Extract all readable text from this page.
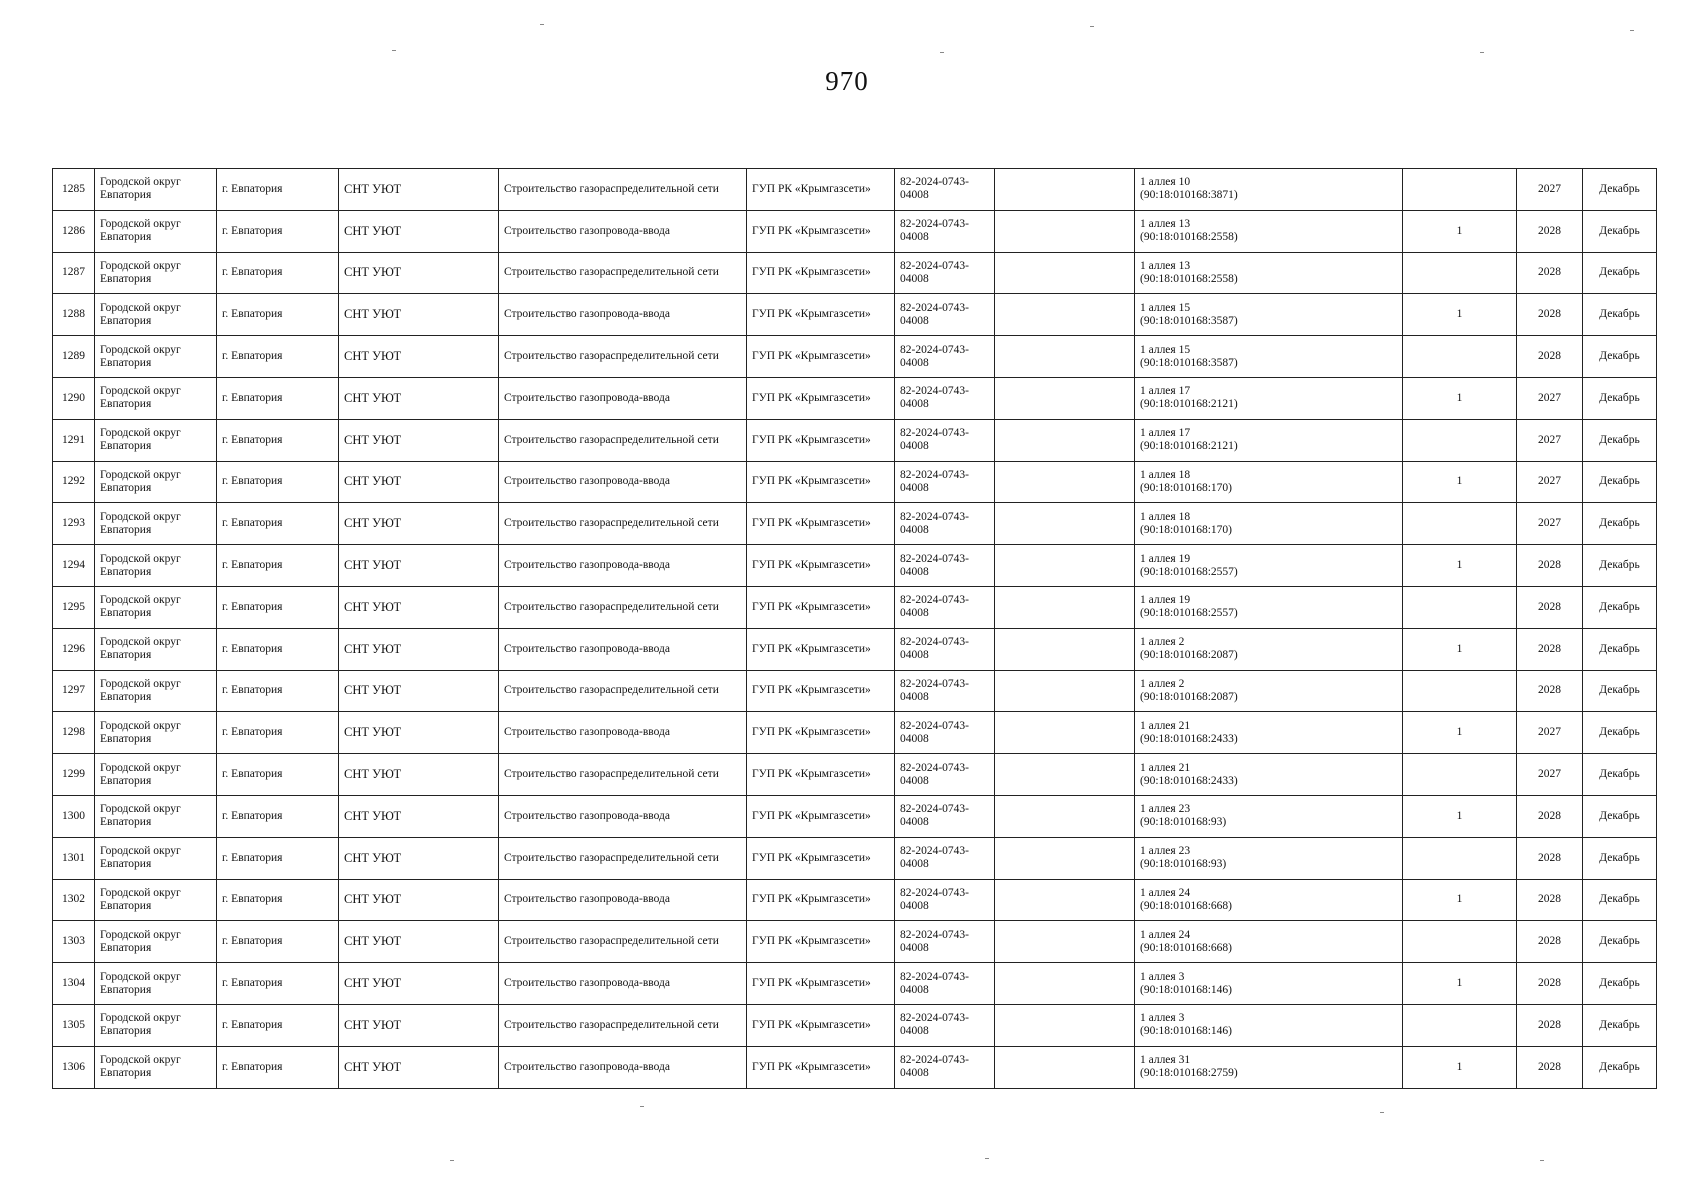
970
1285	Городской округ Евпатория	г. Евпатория	СНТ УЮТ	Строительство газораспределительной сети	ГУП РК «Крымгазсети»	82-2024-0743-04008		1 аллея 10
(90:18:010168:3871)		2027	Декабрь
1286	Городской округ Евпатория	г. Евпатория	СНТ УЮТ	Строительство газопровода-ввода	ГУП РК «Крымгазсети»	82-2024-0743-04008		1 аллея 13
(90:18:010168:2558)	1	2028	Декабрь
1287	Городской округ Евпатория	г. Евпатория	СНТ УЮТ	Строительство газораспределительной сети	ГУП РК «Крымгазсети»	82-2024-0743-04008		1 аллея 13
(90:18:010168:2558)		2028	Декабрь
1288	Городской округ Евпатория	г. Евпатория	СНТ УЮТ	Строительство газопровода-ввода	ГУП РК «Крымгазсети»	82-2024-0743-04008		1 аллея 15
(90:18:010168:3587)	1	2028	Декабрь
1289	Городской округ Евпатория	г. Евпатория	СНТ УЮТ	Строительство газораспределительной сети	ГУП РК «Крымгазсети»	82-2024-0743-04008		1 аллея 15
(90:18:010168:3587)		2028	Декабрь
1290	Городской округ Евпатория	г. Евпатория	СНТ УЮТ	Строительство газопровода-ввода	ГУП РК «Крымгазсети»	82-2024-0743-04008		1 аллея 17
(90:18:010168:2121)	1	2027	Декабрь
1291	Городской округ Евпатория	г. Евпатория	СНТ УЮТ	Строительство газораспределительной сети	ГУП РК «Крымгазсети»	82-2024-0743-04008		1 аллея 17
(90:18:010168:2121)		2027	Декабрь
1292	Городской округ Евпатория	г. Евпатория	СНТ УЮТ	Строительство газопровода-ввода	ГУП РК «Крымгазсети»	82-2024-0743-04008		1 аллея 18
(90:18:010168:170)	1	2027	Декабрь
1293	Городской округ Евпатория	г. Евпатория	СНТ УЮТ	Строительство газораспределительной сети	ГУП РК «Крымгазсети»	82-2024-0743-04008		1 аллея 18
(90:18:010168:170)		2027	Декабрь
1294	Городской округ Евпатория	г. Евпатория	СНТ УЮТ	Строительство газопровода-ввода	ГУП РК «Крымгазсети»	82-2024-0743-04008		1 аллея 19
(90:18:010168:2557)	1	2028	Декабрь
1295	Городской округ Евпатория	г. Евпатория	СНТ УЮТ	Строительство газораспределительной сети	ГУП РК «Крымгазсети»	82-2024-0743-04008		1 аллея 19
(90:18:010168:2557)		2028	Декабрь
1296	Городской округ Евпатория	г. Евпатория	СНТ УЮТ	Строительство газопровода-ввода	ГУП РК «Крымгазсети»	82-2024-0743-04008		1 аллея 2
(90:18:010168:2087)	1	2028	Декабрь
1297	Городской округ Евпатория	г. Евпатория	СНТ УЮТ	Строительство газораспределительной сети	ГУП РК «Крымгазсети»	82-2024-0743-04008		1 аллея 2
(90:18:010168:2087)		2028	Декабрь
1298	Городской округ Евпатория	г. Евпатория	СНТ УЮТ	Строительство газопровода-ввода	ГУП РК «Крымгазсети»	82-2024-0743-04008		1 аллея 21
(90:18:010168:2433)	1	2027	Декабрь
1299	Городской округ Евпатория	г. Евпатория	СНТ УЮТ	Строительство газораспределительной сети	ГУП РК «Крымгазсети»	82-2024-0743-04008		1 аллея 21
(90:18:010168:2433)		2027	Декабрь
1300	Городской округ Евпатория	г. Евпатория	СНТ УЮТ	Строительство газопровода-ввода	ГУП РК «Крымгазсети»	82-2024-0743-04008		1 аллея 23
(90:18:010168:93)	1	2028	Декабрь
1301	Городской округ Евпатория	г. Евпатория	СНТ УЮТ	Строительство газораспределительной сети	ГУП РК «Крымгазсети»	82-2024-0743-04008		1 аллея 23
(90:18:010168:93)		2028	Декабрь
1302	Городской округ Евпатория	г. Евпатория	СНТ УЮТ	Строительство газопровода-ввода	ГУП РК «Крымгазсети»	82-2024-0743-04008		1 аллея 24
(90:18:010168:668)	1	2028	Декабрь
1303	Городской округ Евпатория	г. Евпатория	СНТ УЮТ	Строительство газораспределительной сети	ГУП РК «Крымгазсети»	82-2024-0743-04008		1 аллея 24
(90:18:010168:668)		2028	Декабрь
1304	Городской округ Евпатория	г. Евпатория	СНТ УЮТ	Строительство газопровода-ввода	ГУП РК «Крымгазсети»	82-2024-0743-04008		1 аллея 3
(90:18:010168:146)	1	2028	Декабрь
1305	Городской округ Евпатория	г. Евпатория	СНТ УЮТ	Строительство газораспределительной сети	ГУП РК «Крымгазсети»	82-2024-0743-04008		1 аллея 3
(90:18:010168:146)		2028	Декабрь
1306	Городской округ Евпатория	г. Евпатория	СНТ УЮТ	Строительство газопровода-ввода	ГУП РК «Крымгазсети»	82-2024-0743-04008		1 аллея 31
(90:18:010168:2759)	1	2028	Декабрь
